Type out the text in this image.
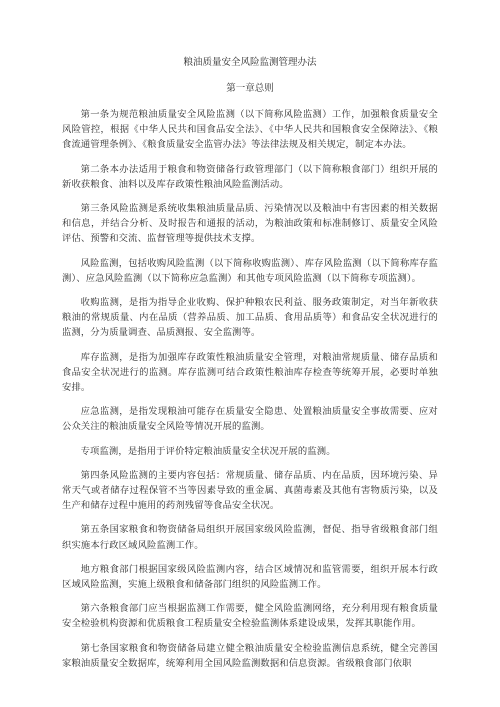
粮油质量安全风险监测管理办法
第一章总则

第一条为规范粮油质量安全风险监测（以下简称风险监测）工作，加强粮食质量安全风险管控，根据《中华人民共和国食品安全法》、《中华人民共和国粮食安全保障法》、《粮食流通管理条例》、《粮食质量安全监管办法》等法律法规及相关规定，制定本办法。

第二条本办法适用于粮食和物资储备行政管理部门（以下简称粮食部门）组织开展的新收获粮食、油料以及库存政策性粮油风险监测活动。

第三条风险监测是系统收集粮油质量品质、污染情况以及粮油中有害因素的相关数据和信息，并结合分析、及时报告和通报的活动，为粮油政策和标准制修订、质量安全风险评估、预警和交流、监督管理等提供技术支撑。

风险监测，包括收购风险监测（以下简称收购监测）、库存风险监测（以下简称库存监测）、应急风险监测（以下简称应急监测）和其他专项风险监测（以下简称专项监测）。

收购监测，是指为指导企业收购、保护种粮农民利益、服务政策制定，对当年新收获粮油的常规质量、内在品质（营养品质、加工品质、食用品质等）和食品安全状况进行的监测，分为质量调查、品质测报、安全监测等。

库存监测，是指为加强库存政策性粮油质量安全管理，对粮油常规质量、储存品质和食品安全状况进行的监测。库存监测可结合政策性粮油库存检查等统筹开展，必要时单独安排。

应急监测，是指发现粮油可能存在质量安全隐患、处置粮油质量安全事故需要、应对公众关注的粮油质量安全风险等情况开展的监测。

专项监测，是指用于评价特定粮油质量安全状况开展的监测。

第四条风险监测的主要内容包括：常规质量、储存品质、内在品质，因环境污染、异常天气或者储存过程保管不当等因素导致的重金属、真菌毒素及其他有害物质污染，以及生产和储存过程中施用的药剂残留等食品安全状况。

第五条国家粮食和物资储备局组织开展国家级风险监测，督促、指导省级粮食部门组织实施本行政区域风险监测工作。

地方粮食部门根据国家级风险监测内容，结合区域情况和监管需要，组织开展本行政区域风险监测，实施上级粮食和储备部门组织的风险监测工作。

第六条粮食部门应当根据监测工作需要，健全风险监测网络，充分利用现有粮食质量安全检验机构资源和优质粮食工程质量安全检验监测体系建设成果，发挥其职能作用。

第七条国家粮食和物资储备局建立健全粮油质量安全检验监测信息系统，健全完善国家粮油质量安全数据库，统筹利用全国风险监测数据和信息资源。省级粮食部门依职
